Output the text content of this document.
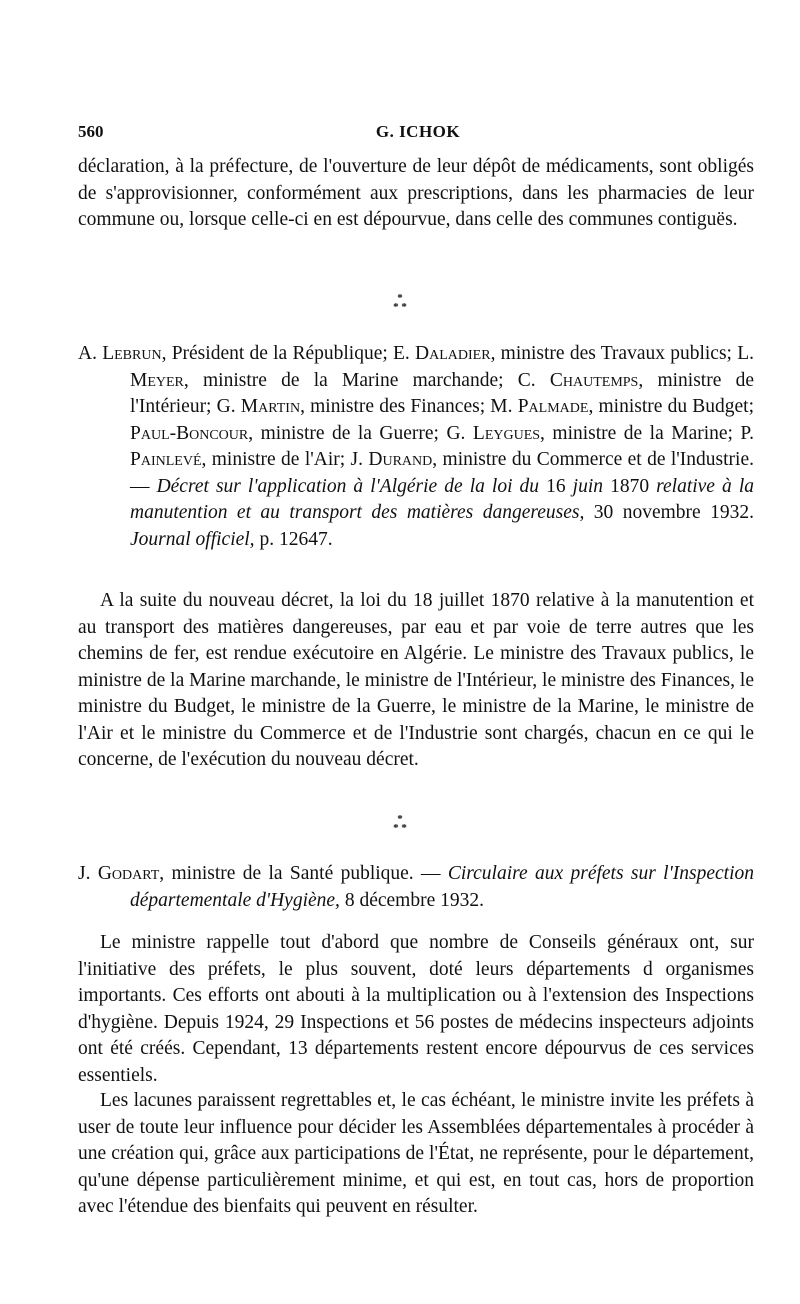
560	G. ICHOK

déclaration, à la préfecture, de l'ouverture de leur dépôt de médicaments, sont obligés de s'approvisionner, conformément aux prescriptions, dans les pharmacies de leur commune ou, lorsque celle-ci en est dépourvue, dans celle des communes contiguës.

*
* *

A. Lebrun, Président de la République; E. Daladier, ministre des Travaux publics; L. Meyer, ministre de la Marine marchande; C. Chautemps, ministre de l'Intérieur; G. Martin, ministre des Finances; M. Palmade, ministre du Budget; Paul-Boncour, ministre de la Guerre; G. Leygues, ministre de la Marine; P. Painlevé, ministre de l'Air; J. Durand, ministre du Commerce et de l'Industrie. — Décret sur l'application à l'Algérie de la loi du 16 juin 1870 relative à la manutention et au transport des matières dangereuses, 30 novembre 1932. Journal officiel, p. 12647.

A la suite du nouveau décret, la loi du 18 juillet 1870 relative à la manutention et au transport des matières dangereuses, par eau et par voie de terre autres que les chemins de fer, est rendue exécutoire en Algérie. Le ministre des Travaux publics, le ministre de la Marine marchande, le ministre de l'Intérieur, le ministre des Finances, le ministre du Budget, le ministre de la Guerre, le ministre de la Marine, le ministre de l'Air et le ministre du Commerce et de l'Industrie sont chargés, chacun en ce qui le concerne, de l'exécution du nouveau décret.

*
* *

J. Godart, ministre de la Santé publique. — Circulaire aux préfets sur l'Inspection départementale d'Hygiène, 8 décembre 1932.

Le ministre rappelle tout d'abord que nombre de Conseils généraux ont, sur l'initiative des préfets, le plus souvent, doté leurs départements d organismes importants. Ces efforts ont abouti à la multiplication ou à l'extension des Inspections d'hygiène. Depuis 1924, 29 Inspections et 56 postes de médecins inspecteurs adjoints ont été créés. Cependant, 13 départements restent encore dépourvus de ces services essentiels.

Les lacunes paraissent regrettables et, le cas échéant, le ministre invite les préfets à user de toute leur influence pour décider les Assemblées départementales à procéder à une création qui, grâce aux participations de l'État, ne représente, pour le département, qu'une dépense particulièrement minime, et qui est, en tout cas, hors de proportion avec l'étendue des bienfaits qui peuvent en résulter.
